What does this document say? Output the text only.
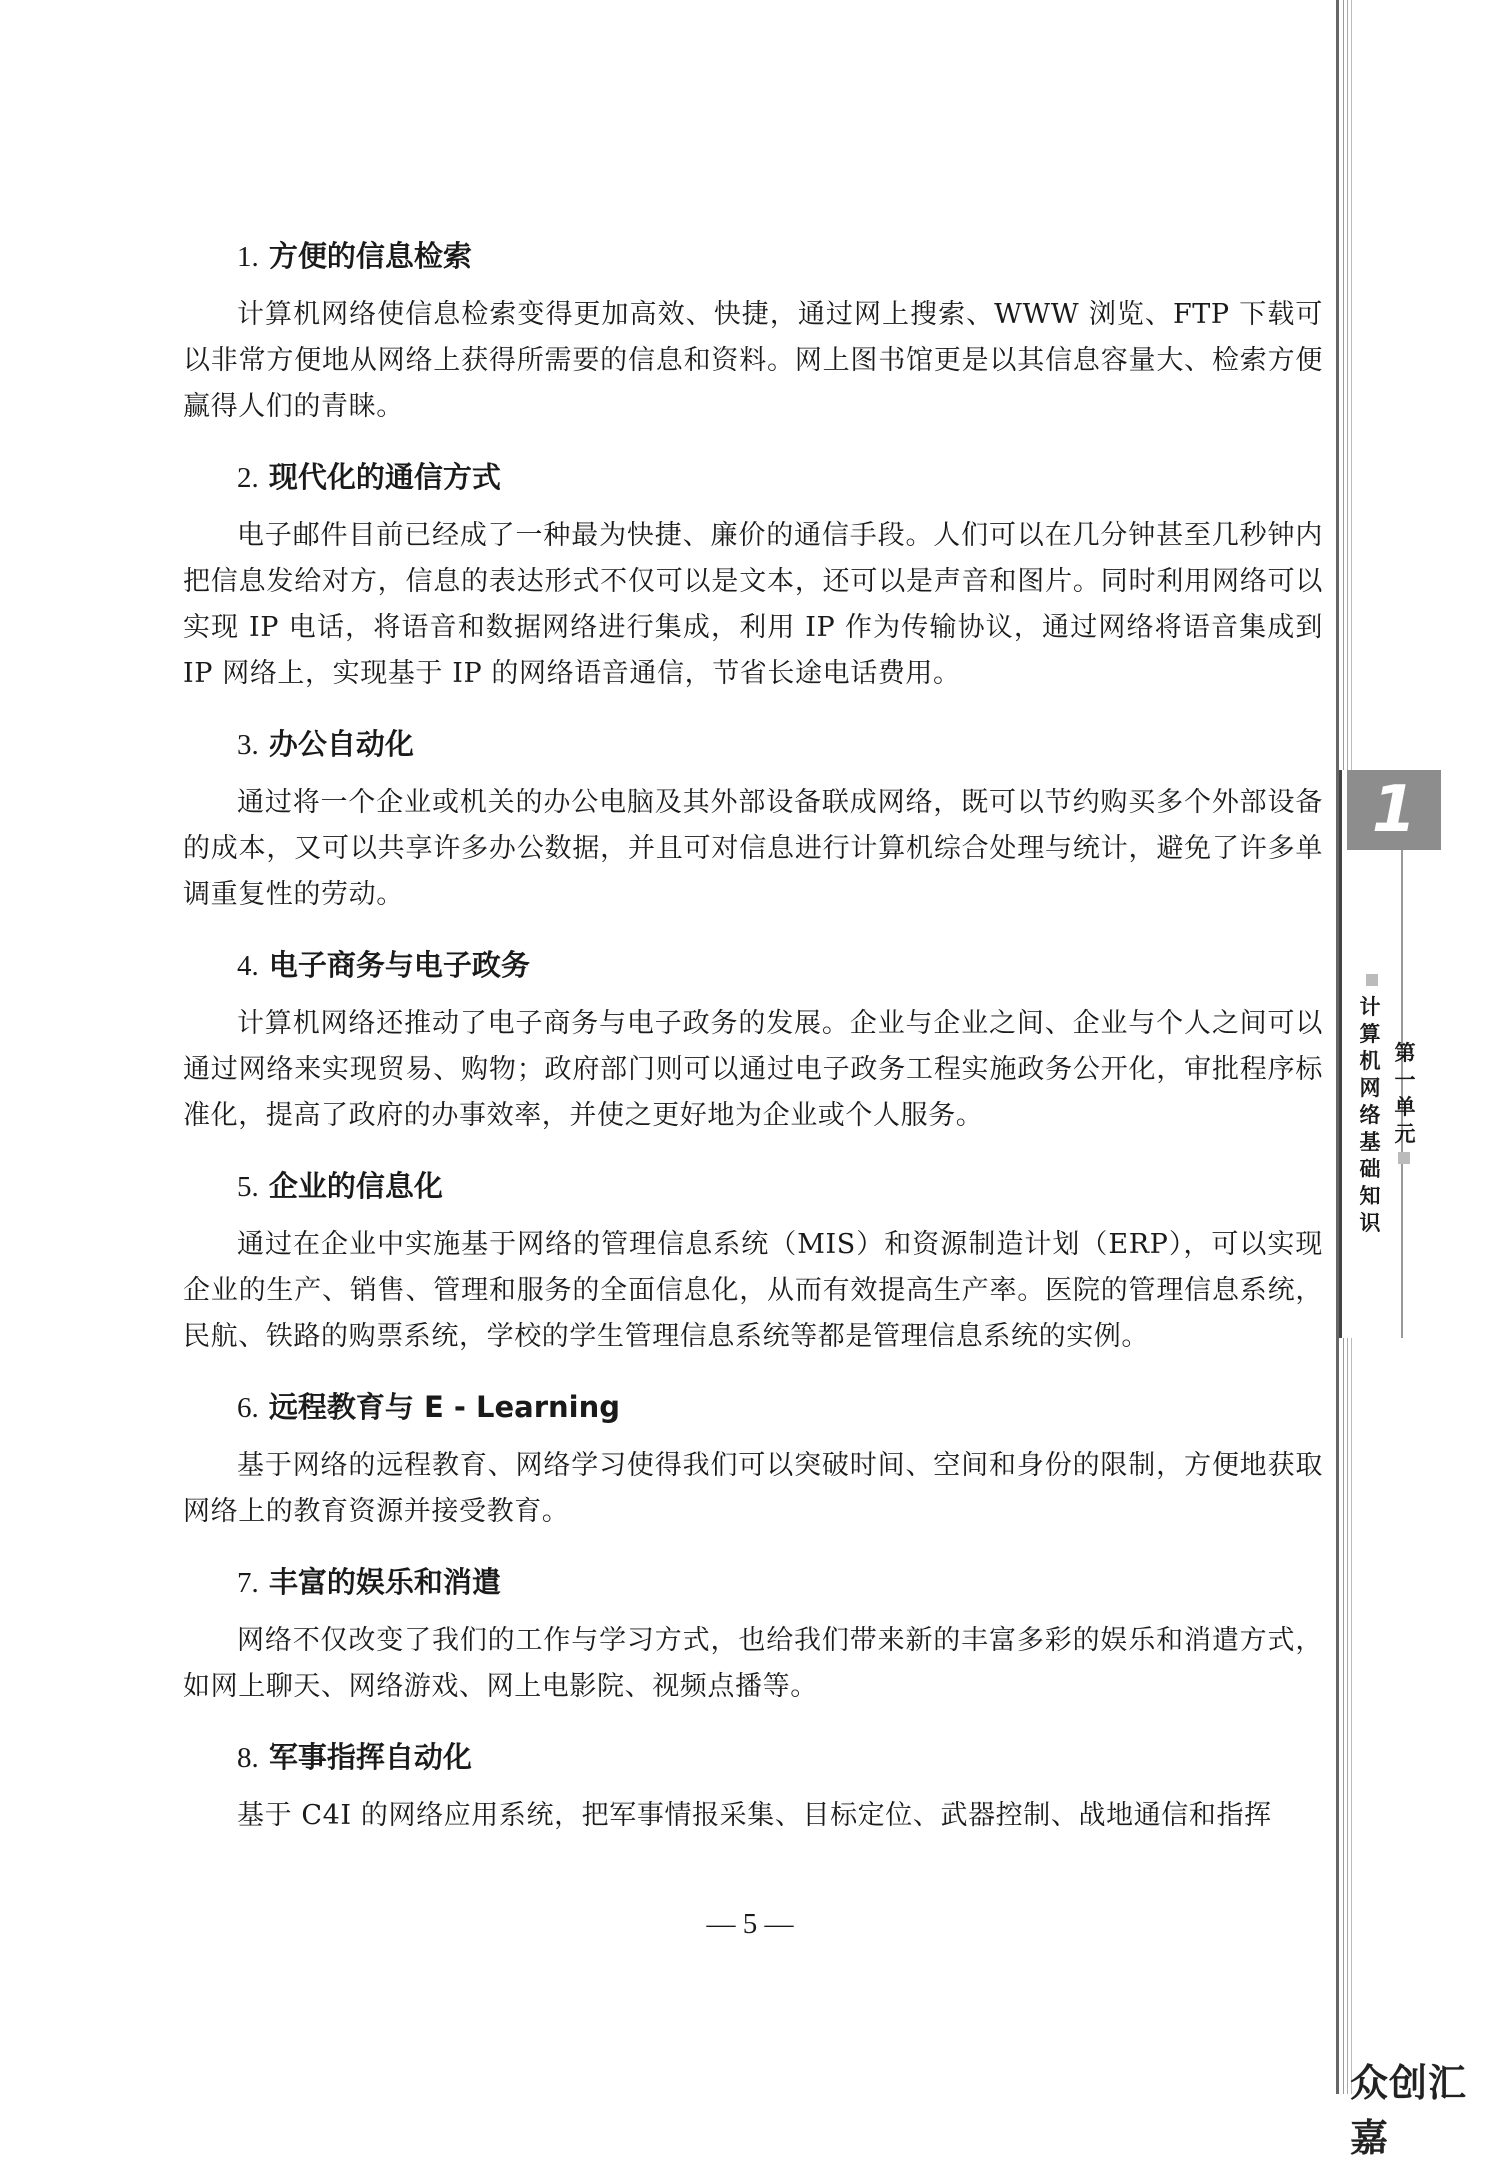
1. 方便的信息检索

计算机网络使信息检索变得更加高效、快捷，通过网上搜索、WWW 浏览、FTP 下载可以非常方便地从网络上获得所需要的信息和资料。网上图书馆更是以其信息容量大、检索方便赢得人们的青睐。

2. 现代化的通信方式

电子邮件目前已经成了一种最为快捷、廉价的通信手段。人们可以在几分钟甚至几秒钟内把信息发给对方，信息的表达形式不仅可以是文本，还可以是声音和图片。同时利用网络可以实现 IP 电话，将语音和数据网络进行集成，利用 IP 作为传输协议，通过网络将语音集成到 IP 网络上，实现基于 IP 的网络语音通信，节省长途电话费用。

3. 办公自动化

通过将一个企业或机关的办公电脑及其外部设备联成网络，既可以节约购买多个外部设备的成本，又可以共享许多办公数据，并且可对信息进行计算机综合处理与统计，避免了许多单调重复性的劳动。

4. 电子商务与电子政务

计算机网络还推动了电子商务与电子政务的发展。企业与企业之间、企业与个人之间可以通过网络来实现贸易、购物；政府部门则可以通过电子政务工程实施政务公开化，审批程序标准化，提高了政府的办事效率，并使之更好地为企业或个人服务。

5. 企业的信息化

通过在企业中实施基于网络的管理信息系统（MIS）和资源制造计划（ERP），可以实现企业的生产、销售、管理和服务的全面信息化，从而有效提高生产率。医院的管理信息系统，民航、铁路的购票系统，学校的学生管理信息系统等都是管理信息系统的实例。

6. 远程教育与 E - Learning

基于网络的远程教育、网络学习使得我们可以突破时间、空间和身份的限制，方便地获取网络上的教育资源并接受教育。

7. 丰富的娱乐和消遣

网络不仅改变了我们的工作与学习方式，也给我们带来新的丰富多彩的娱乐和消遣方式，如网上聊天、网络游戏、网上电影院、视频点播等。

8. 军事指挥自动化

基于 C4I 的网络应用系统，把军事情报采集、目标定位、武器控制、战地通信和指挥

— 5 —
1
计算机网络基础知识
第一单元
众创汇嘉
